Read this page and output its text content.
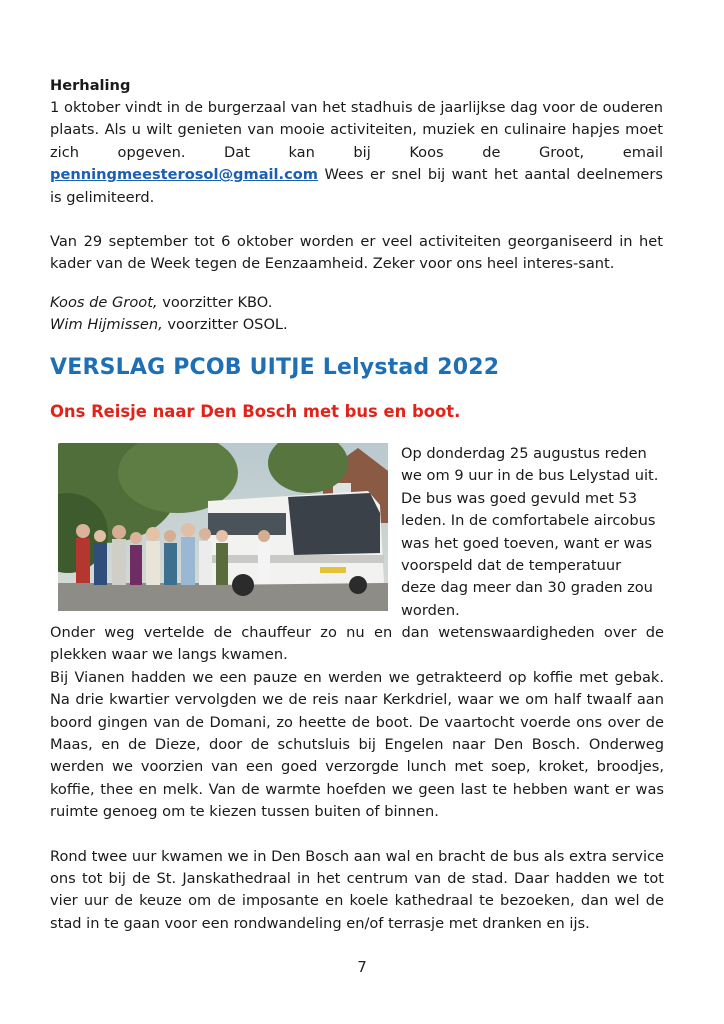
Herhaling
1 oktober vindt in de burgerzaal van het stadhuis de jaarlijkse dag voor de ouderen plaats. Als u wilt genieten van mooie activiteiten, muziek en culinaire hapjes moet zich opgeven. Dat kan bij Koos de Groot, email penningmeesterosol@gmail.com Wees er snel bij want het aantal deelnemers is gelimiteerd.
Van 29 september tot 6 oktober worden er veel activiteiten georganiseerd in het kader van de Week tegen de Eenzaamheid. Zeker voor ons heel interes-sant.
Koos de Groot, voorzitter KBO.
Wim Hijmissen, voorzitter OSOL.
VERSLAG PCOB UITJE Lelystad 2022
Ons Reisje naar Den Bosch met bus en boot.
Op donderdag 25 augustus reden
we om 9 uur in de bus Lelystad uit.
De bus was goed gevuld met 53
leden. In de comfortabele aircobus
was het goed toeven, want er was
voorspeld dat de temperatuur
deze dag meer dan 30 graden zou
worden.
Onder weg vertelde de chauffeur zo nu en dan wetenswaardigheden over de plekken waar we langs kwamen.
Bij Vianen hadden we een pauze en werden we getrakteerd op koffie met gebak. Na drie kwartier vervolgden we de reis naar Kerkdriel, waar we om half twaalf aan boord gingen van de Domani, zo heette de boot. De vaartocht voerde ons over de Maas, en de Dieze, door de schutsluis bij Engelen naar Den Bosch. Onderweg werden we voorzien van een goed verzorgde lunch met soep, kroket, broodjes, koffie, thee en melk. Van de warmte hoefden we geen last te hebben want er was ruimte genoeg om te kiezen tussen buiten of binnen.
Rond twee uur kwamen we in Den Bosch aan wal en bracht de bus als extra service ons tot bij de St. Janskathedraal in het centrum van de stad. Daar hadden we tot vier uur de keuze om de imposante en koele kathedraal te bezoeken, dan wel de stad in te gaan voor een rondwandeling en/of terrasje met dranken en ijs.
7
